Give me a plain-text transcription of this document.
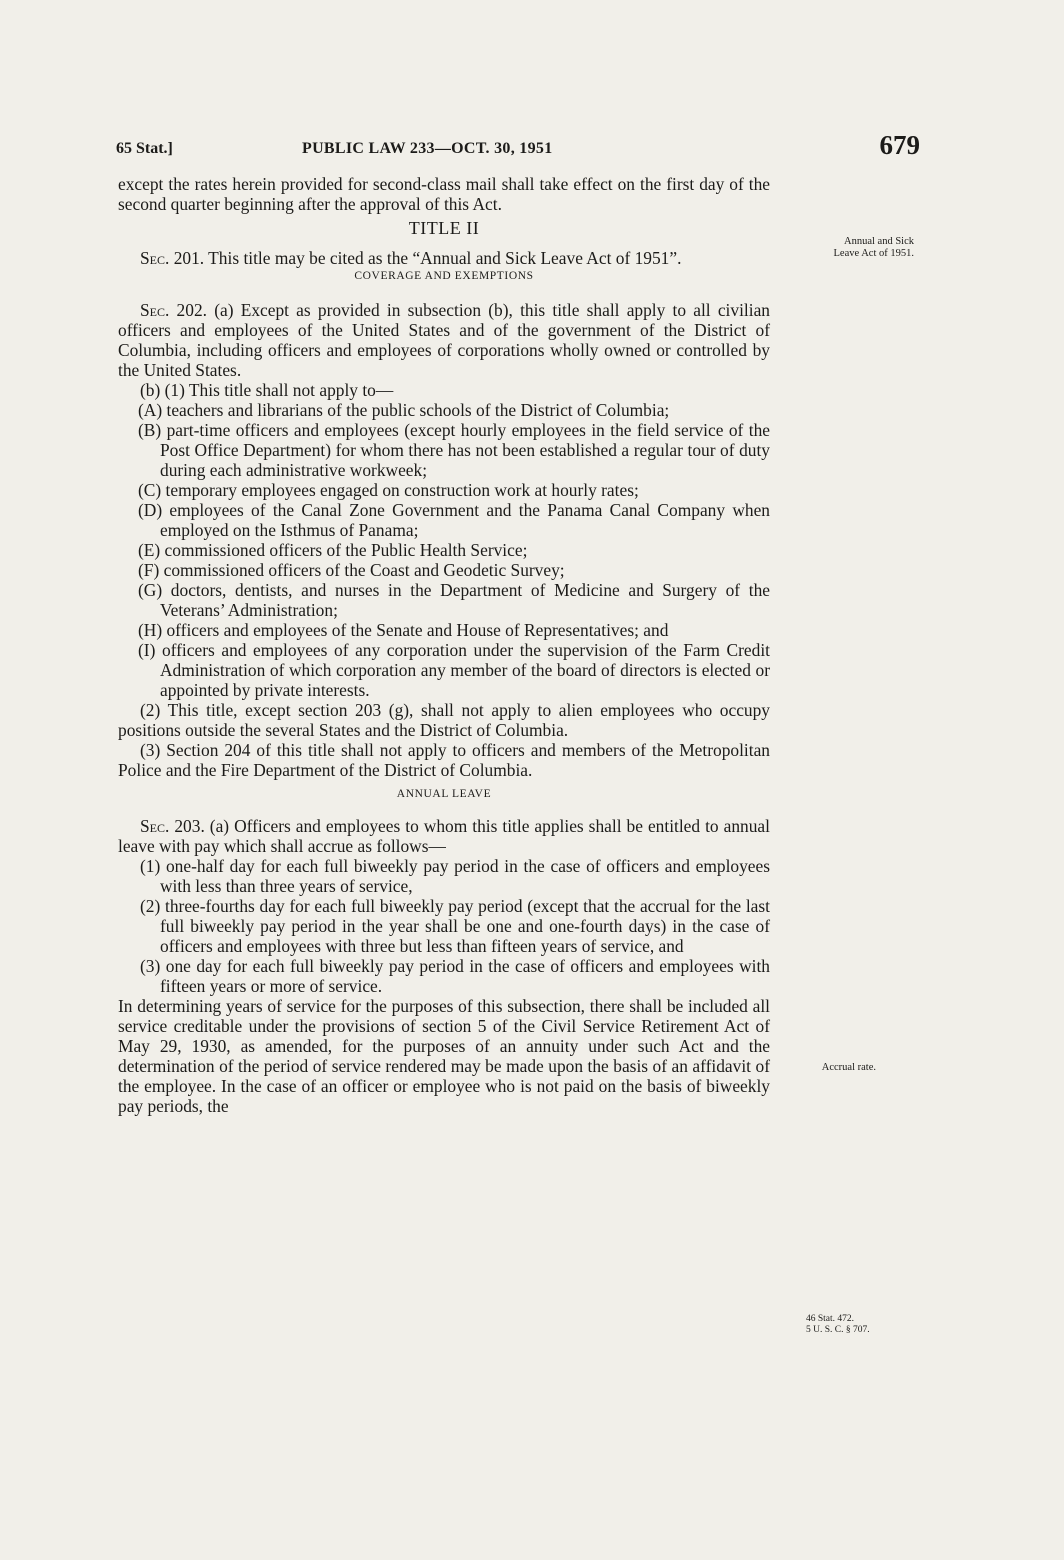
65 Stat.]	PUBLIC LAW 233—OCT. 30, 1951	679

except the rates herein provided for second-class mail shall take effect on the first day of the second quarter beginning after the approval of this Act.

TITLE II

Sec. 201. This title may be cited as the “Annual and Sick Leave Act of 1951”.

COVERAGE AND EXEMPTIONS

Sec. 202. (a) Except as provided in subsection (b), this title shall apply to all civilian officers and employees of the United States and of the government of the District of Columbia, including officers and employees of corporations wholly owned or controlled by the United States.

(b) (1) This title shall not apply to—

(A) teachers and librarians of the public schools of the District of Columbia;

(B) part-time officers and employees (except hourly employees in the field service of the Post Office Department) for whom there has not been established a regular tour of duty during each administrative workweek;

(C) temporary employees engaged on construction work at hourly rates;

(D) employees of the Canal Zone Government and the Panama Canal Company when employed on the Isthmus of Panama;

(E) commissioned officers of the Public Health Service;

(F) commissioned officers of the Coast and Geodetic Survey;

(G) doctors, dentists, and nurses in the Department of Medicine and Surgery of the Veterans’ Administration;

(H) officers and employees of the Senate and House of Representatives; and

(I) officers and employees of any corporation under the supervision of the Farm Credit Administration of which corporation any member of the board of directors is elected or appointed by private interests.

(2) This title, except section 203 (g), shall not apply to alien employees who occupy positions outside the several States and the District of Columbia.

(3) Section 204 of this title shall not apply to officers and members of the Metropolitan Police and the Fire Department of the District of Columbia.

ANNUAL LEAVE

Sec. 203. (a) Officers and employees to whom this title applies shall be entitled to annual leave with pay which shall accrue as follows—

(1) one-half day for each full biweekly pay period in the case of officers and employees with less than three years of service,

(2) three-fourths day for each full biweekly pay period (except that the accrual for the last full biweekly pay period in the year shall be one and one-fourth days) in the case of officers and employees with three but less than fifteen years of service, and

(3) one day for each full biweekly pay period in the case of officers and employees with fifteen years or more of service.

In determining years of service for the purposes of this subsection, there shall be included all service creditable under the provisions of section 5 of the Civil Service Retirement Act of May 29, 1930, as amended, for the purposes of an annuity under such Act and the determination of the period of service rendered may be made upon the basis of an affidavit of the employee. In the case of an officer or employee who is not paid on the basis of biweekly pay periods, the

Annual and Sick
Leave Act of 1951.
Accrual rate.
46 Stat. 472.
5 U. S. C. § 707.
